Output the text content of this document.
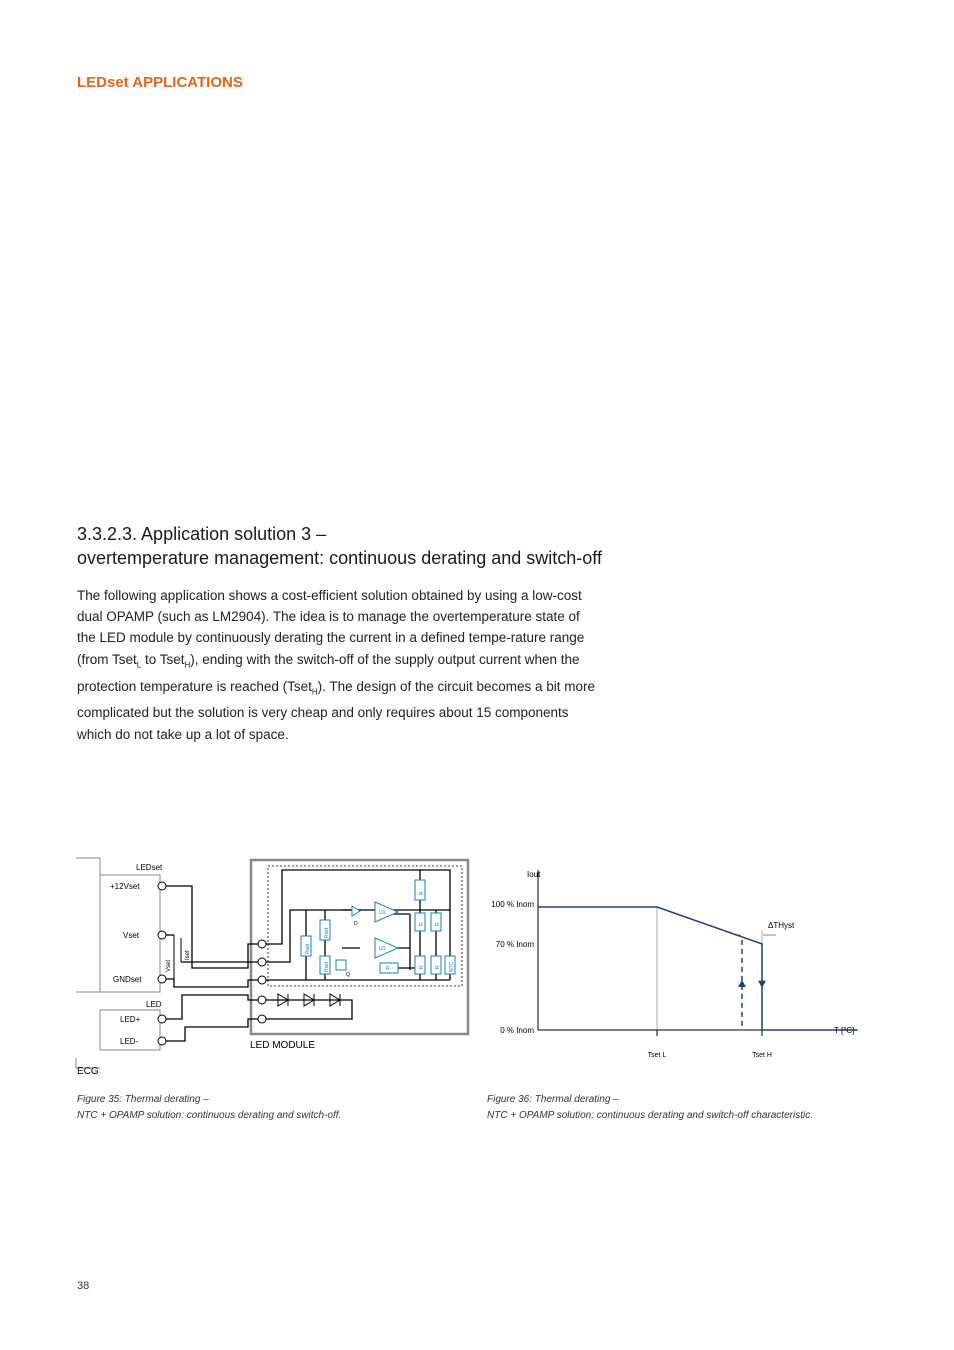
LEDset APPLICATIONS
3.3.2.3. Application solution 3 –
overtemperature management: continuous derating and switch-off

The following application shows a cost-efficient solution obtained by using a low-cost dual OPAMP (such as LM2904). The idea is to manage the overtemperature state of the LED module by continuously derating the current in a defined tempe-rature range (from Tset$_L$ to Tset$_H$), ending with the switch-off of the supply output current when the protection temperature is reached (Tset$_H$). The design of the circuit becomes a bit more complicated but the solution is very cheap and only requires about 15 components which do not take up a lot of space.

LEDset
+12Vset
Vset
GNDset
LED
LED+
LED-
ECG
Vset
Iset
LED MODULE
Rset
Rset
Rset
U1
U1
R
R R
R R
R	NTC
D
Q
Iout
100 % Inom
70 % Inom
0 % Inom	T [°C]
Tset L	Tset H
ΔTHyst
Figure 35: Thermal derating –
NTC + OPAMP solution: continuous derating and switch-off.
Figure 36: Thermal derating –
NTC + OPAMP solution: continuous derating and switch-off characteristic.
38
